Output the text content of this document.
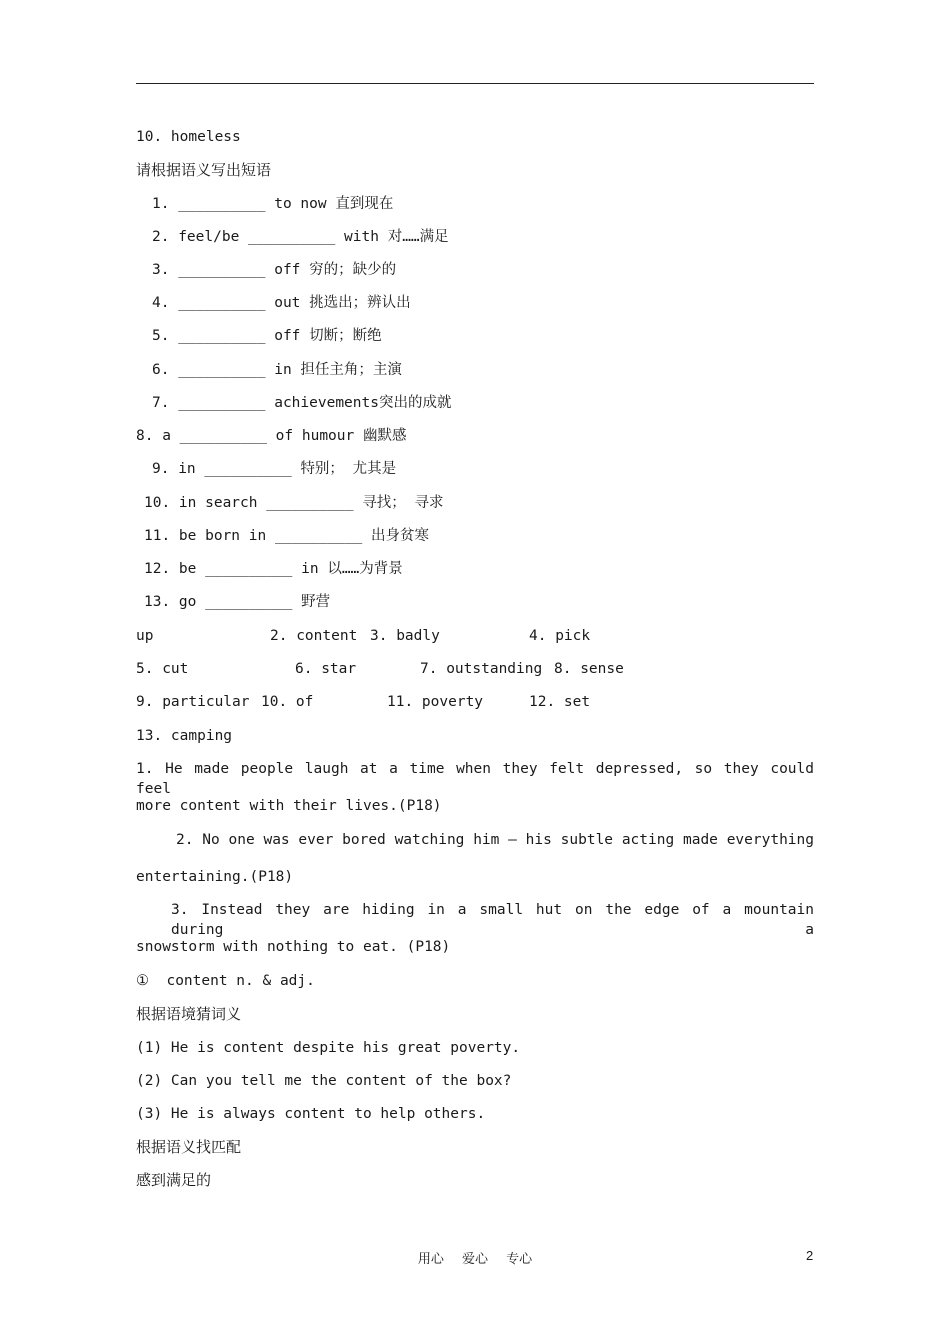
10. homeless
请根据语义写出短语
1. __________ to now 直到现在
2. feel/be __________ with 对……满足
3. __________ off 穷的；缺少的
4. __________ out 挑选出；辨认出
5. __________ off 切断；断绝
6. __________ in 担任主角；主演
7. __________ achievements突出的成就
8. a __________ of humour 幽默感
9. in __________ 特别； 尤其是
10. in search __________ 寻找； 寻求
11. be born in __________ 出身贫寒
12. be __________ in 以……为背景
13. go __________ 野营
up	2. content 3. badly	4. pick
5. cut	6. star	7. outstanding 8. sense
9. particular 10. of	11. poverty	12. set
13. camping
1. He made people laugh at a time when they felt depressed, so they could feel
more content with their lives.(P18)
2. No one was ever bored watching him — his subtle acting made everything
entertaining.(P18)
3. Instead they are hiding in a small hut on the edge of a mountain during a
snowstorm with nothing to eat. (P18)
①  content n. & adj.
根据语境猜词义
(1) He is content despite his great poverty.
(2) Can you tell me the content of the box?
(3) He is always content to help others.
根据语义找匹配
感到满足的
用心 爱心 专心	2
